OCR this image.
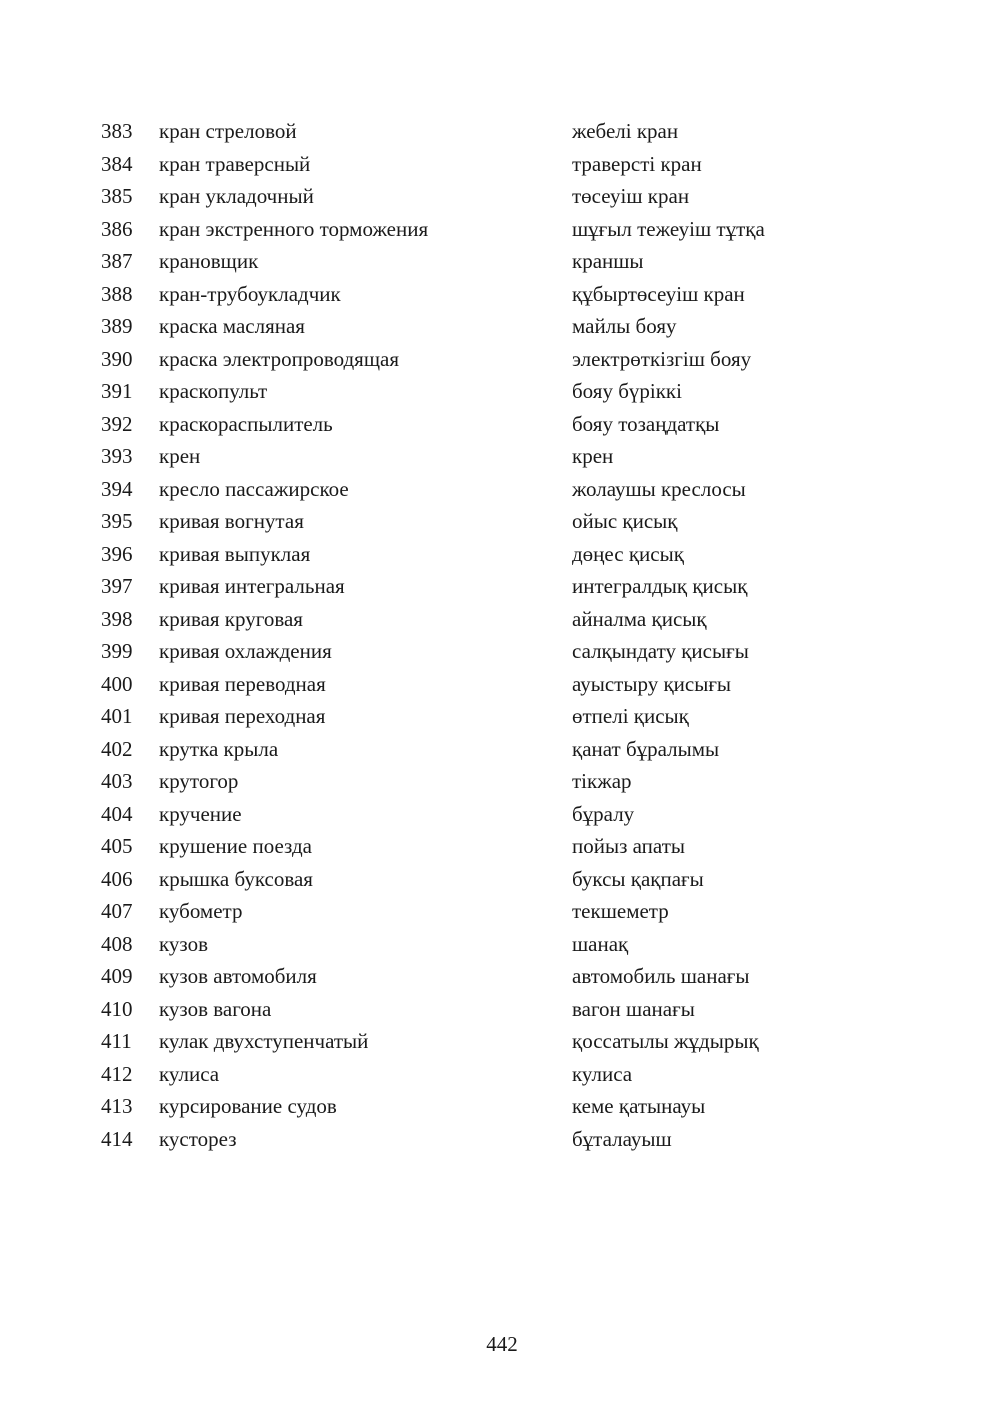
383 кран стреловой	жебелі кран
384 кран траверсный	траверсті кран
385 кран укладочный	төсеуіш кран
386 кран экстренного торможения	шұғыл тежеуіш тұтқа
387 крановщик	краншы
388 кран-трубоукладчик	құбыртөсеуіш кран
389 краска масляная	майлы бояу
390 краска электропроводящая	электрөткізгіш бояу
391 краскопульт	бояу бүріккі
392 краскораспылитель	бояу тозаңдатқы
393 крен	крен
394 кресло пассажирское	жолаушы креслосы
395 кривая вогнутая	ойыс қисық
396 кривая выпуклая	дөңес қисық
397 кривая интегральная	интегралдық қисық
398 кривая круговая	айналма қисық
399 кривая охлаждения	салқындату қисығы
400 кривая переводная	ауыстыру қисығы
401 кривая переходная	өтпелі қисық
402 крутка крыла	қанат бұралымы
403 крутогор	тікжар
404 кручение	бұралу
405 крушение поезда	пойыз апаты
406 крышка буксовая	буксы қақпағы
407 кубометр	текшеметр
408 кузов	шанақ
409 кузов автомобиля	автомобиль шанағы
410 кузов вагона	вагон шанағы
411 кулак двухступенчатый	қоссатылы жұдырық
412 кулиса	кулиса
413 курсирование судов	кеме қатынауы
414 кусторез	бұталауыш
442
